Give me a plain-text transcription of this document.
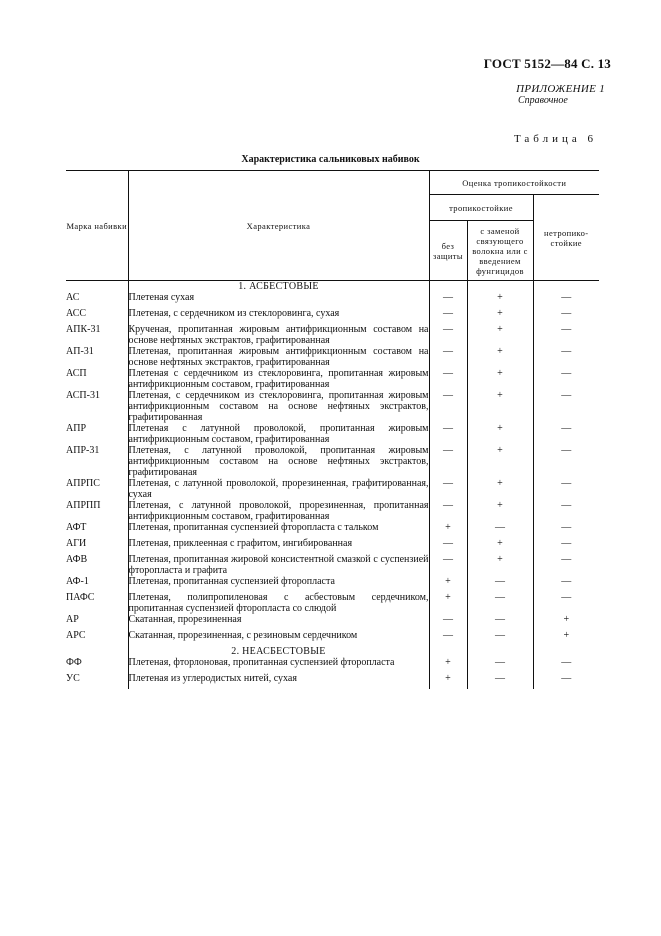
ГОСТ 5152—84 С. 13
ПРИЛОЖЕНИЕ 1
Справочное
Таблица 6
Характеристика сальниковых набивок
Марка набивки	Характеристика	Оценка тропикостойкости		
		тропикостойкие		нетропико-стойкие
		без защиты	с заменой связующего волокна или с введением фунгицидов	
	1. АСБЕСТОВЫЕ			
АС	Плетеная сухая	—	+	—
АСС	Плетеная, с сердечником из стеклоровинга, сухая	—	+	—
АПК-31	Крученая, пропитанная жировым антифрикционным составом на основе нефтяных экстрактов, графитированная	—	+	—
АП-31	Плетеная, пропитанная жировым антифрикционным составом на основе нефтяных экстрактов, графитированная	—	+	—
АСП	Плетеная с сердечником из стеклоровинга, пропитанная жировым антифрикционным составом, графитированная	—	+	—
АСП-31	Плетеная, с сердечником из стеклоровинга, пропитанная жировым антифрикционным составом на основе нефтяных экстрактов, графитированная	—	+	—
АПР	Плетеная с латунной проволокой, пропитанная жировым антифрикционным составом, графитированная	—	+	—
АПР-31	Плетеная, с латунной проволокой, пропитанная жировым антифрикционным составом на основе нефтяных экстрактов, графитированая	—	+	—
АПРПС	Плетеная, с латунной проволокой, прорезиненная, графитированная, сухая	—	+	—
АПРПП	Плетеная, с латунной проволокой, прорезиненная, пропитанная антифрикционным составом, графитированная	—	+	—
АФТ	Плетеная, пропитанная суспензией фторопласта с тальком	+	—	—
АГИ	Плетеная, приклеенная с графитом, ингибированная	—	+	—
АФВ	Плетеная, пропитанная жировой консистентной смазкой с суспензией фторопласта и графита	—	+	—
АФ-1	Плетеная, пропитанная суспензией фторопласта	+	—	—
ПАФС	Плетеная, полипропиленовая с асбестовым сердечником, пропитанная суспензией фторопласта со слюдой	+	—	—
АР	Скатанная, прорезиненная	—	—	+
АРС	Скатанная, прорезиненная, с резиновым сердечником	—	—	+
	2. НЕАСБЕСТОВЫЕ			
ФФ	Плетеная, фторлоновая, пропитанная суспензией фторопласта	+	—	—
УС	Плетеная из углеродистых нитей, сухая	+	—	—
